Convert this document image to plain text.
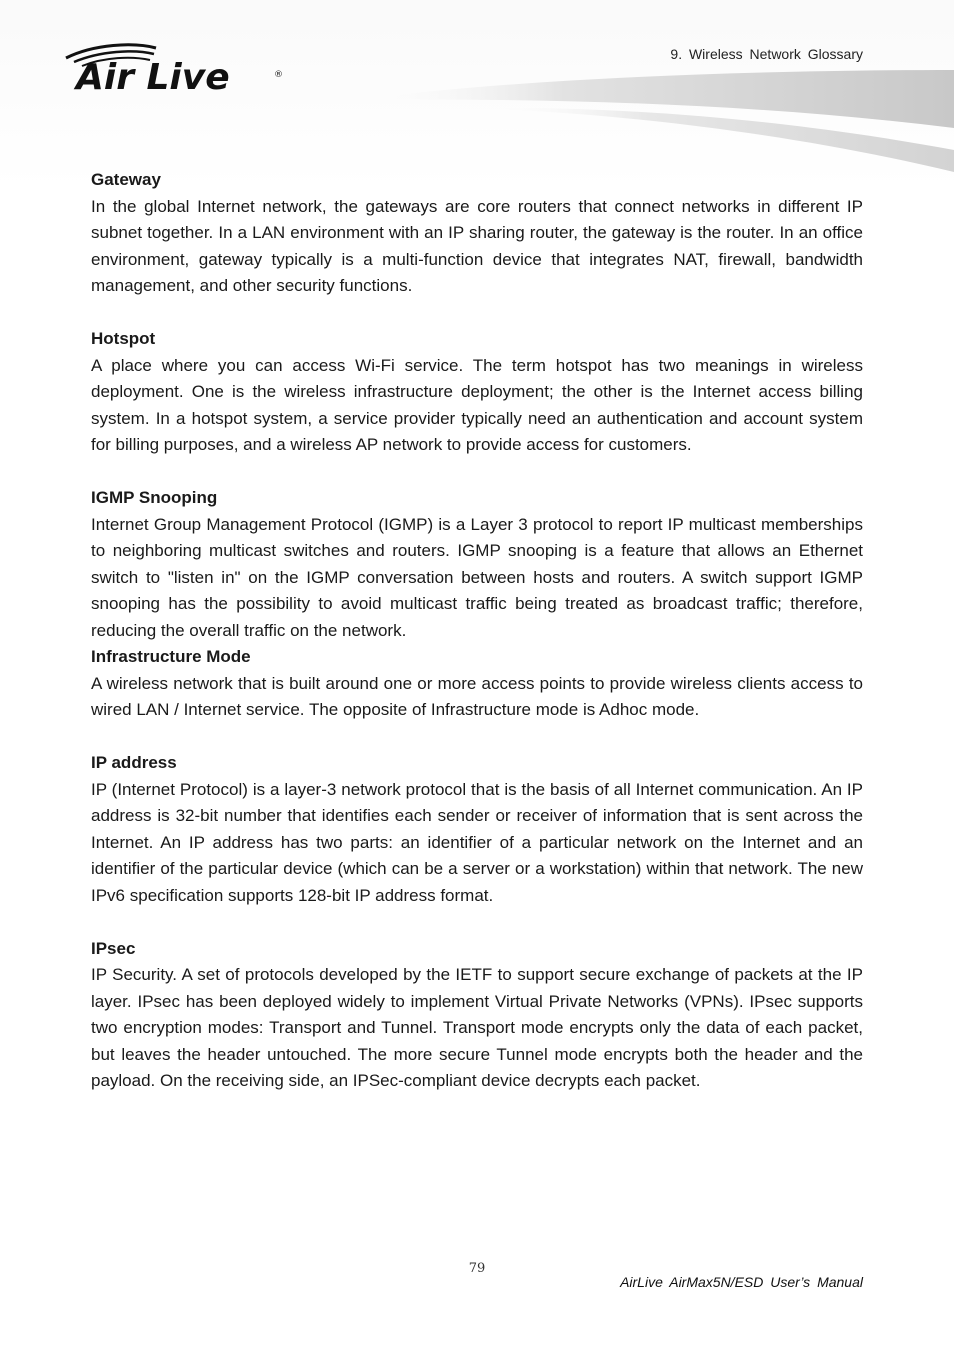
Air Live	®
9. Wireless Network Glossary

Gateway

In the global Internet network, the gateways are core routers that connect networks in different IP subnet together. In a LAN environment with an IP sharing router, the gateway is the router. In an office environment, gateway typically is a multi-function device that integrates NAT, firewall, bandwidth management, and other security functions.

Hotspot

A place where you can access Wi-Fi service. The term hotspot has two meanings in wireless deployment. One is the wireless infrastructure deployment; the other is the Internet access billing system. In a hotspot system, a service provider typically need an authentication and account system for billing purposes, and a wireless AP network to provide access for customers.

IGMP Snooping

Internet Group Management Protocol (IGMP) is a Layer 3 protocol to report IP multicast memberships to neighboring multicast switches and routers. IGMP snooping is a feature that allows an Ethernet switch to "listen in" on the IGMP conversation between hosts and routers. A switch support IGMP snooping has the possibility to avoid multicast traffic being treated as broadcast traffic; therefore, reducing the overall traffic on the network.

Infrastructure Mode

A wireless network that is built around one or more access points to provide wireless clients access to wired LAN / Internet service. The opposite of Infrastructure mode is Adhoc mode.

IP address

IP (Internet Protocol) is a layer-3 network protocol that is the basis of all Internet communication. An IP address is 32-bit number that identifies each sender or receiver of information that is sent across the Internet. An IP address has two parts: an identifier of a particular network on the Internet and an identifier of the particular device (which can be a server or a workstation) within that network. The new IPv6 specification supports 128-bit IP address format.

IPsec

IP Security. A set of protocols developed by the IETF to support secure exchange of packets at the IP layer. IPsec has been deployed widely to implement Virtual Private Networks (VPNs). IPsec supports two encryption modes: Transport and Tunnel. Transport mode encrypts only the data of each packet, but leaves the header untouched. The more secure Tunnel mode encrypts both the header and the payload. On the receiving side, an IPSec-compliant device decrypts each packet.

79
AirLive AirMax5N/ESD User’s Manual
